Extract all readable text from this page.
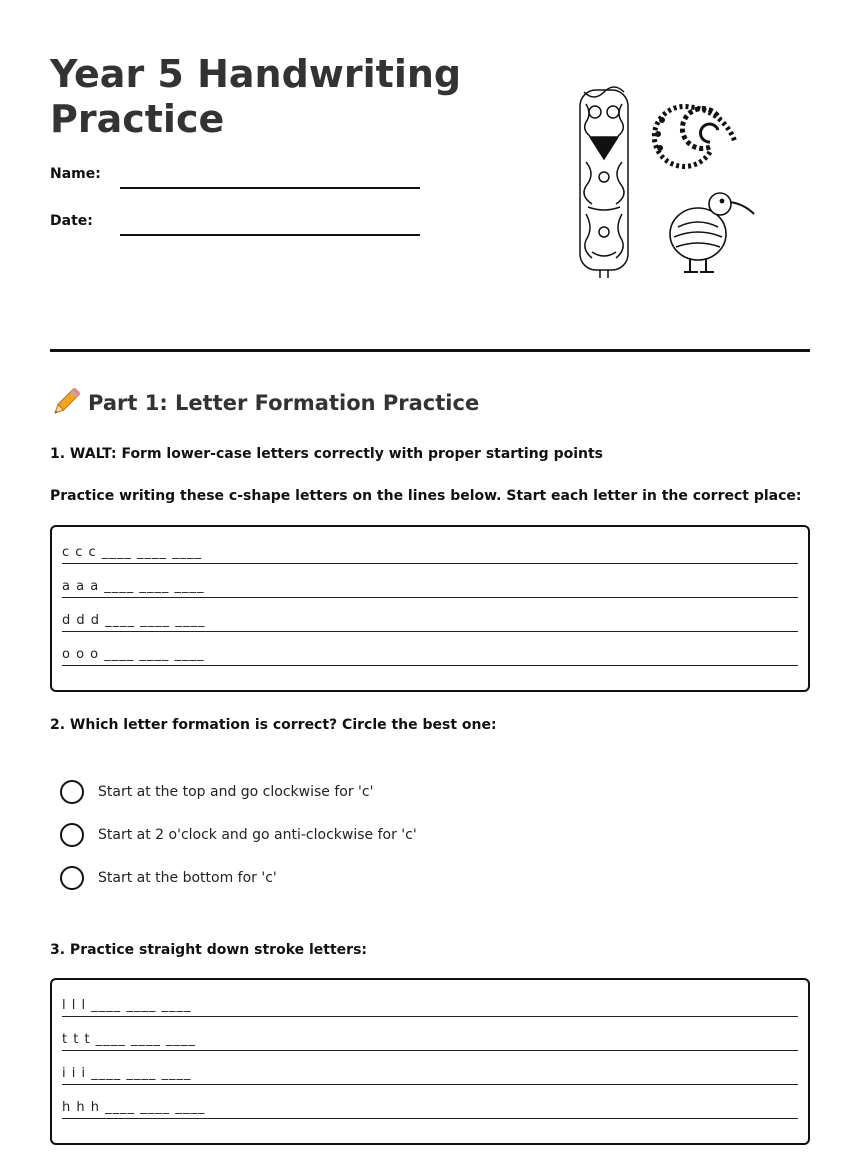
Year 5 Handwriting Practice
Name:
Date:
Part 1: Letter Formation Practice

1. WALT: Form lower-case letters correctly with proper starting points

Practice writing these c-shape letters on the lines below. Start each letter in the correct place:

c c c ____ ____ ____
a a a ____ ____ ____
d d d ____ ____ ____
o o o ____ ____ ____

2. Which letter formation is correct? Circle the best one:

Start at the top and go clockwise for 'c'
Start at 2 o'clock and go anti-clockwise for 'c'
Start at the bottom for 'c'

3. Practice straight down stroke letters:

l l l ____ ____ ____
t t t ____ ____ ____
i i i ____ ____ ____
h h h ____ ____ ____
